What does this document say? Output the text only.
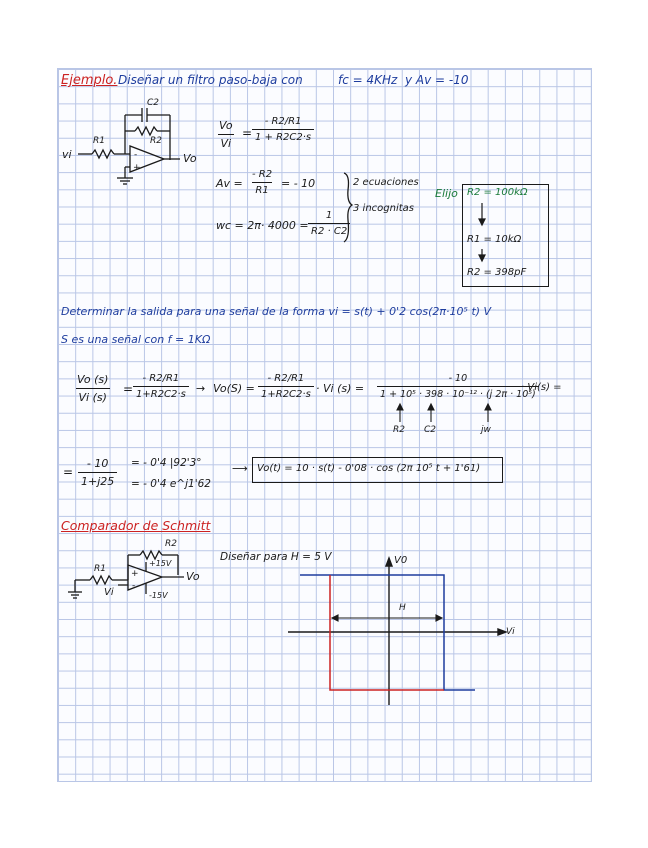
Ejemplo. Diseñar un filtro paso-baja con	fc = 4KHz y Av = -10
-
+
vi	Vo
R1	R2
C2
$\frac{Vo}{Vi} = \frac{- R2/R1}{1 + R2C2\cdot s}$
$Av = \frac{- R2}{R1}$ = - 10
wc = $2\pi\cdot 4000 = \frac{1}{R2 \cdot C2}$
2 ecuaciones
3 incognitas
Elijo R2 = 100kΩ
R1 = 10kΩ
R2 = 398pF
Determinar la salida para una señal de la forma vi = s(t) + 0'2 cos(2π·10⁵ t) V
S es una señal con f = 1KΩ
$\frac{Vo (s)}{Vi (s)} = \frac{- R2/R1}{1+R2C2\cdot s} \to Vo(S) = \frac{- R2/R1}{1+R2C2\cdot s} \cdot Vi$ $(s) = \frac{- 10}{\text{1 + 10⁵ · 398 · 10⁻¹² · (j 2π · 10⁵)}}$
· Vi(s) =
R2 C2	jw
= $\frac{- 10}{1+j25}$ = - 0'4 |92'3°
= - 0'4 e^j1'62
⟶ Vo(t) = 10 · s(t) - 0'08 · cos (2π 10⁵ t + 1'61)
Comparador de Schmitt
Diseñar para H = 5 V
+
-
Vo
Vi
R1
R2
+15V
-15V
V0
Vi
H
